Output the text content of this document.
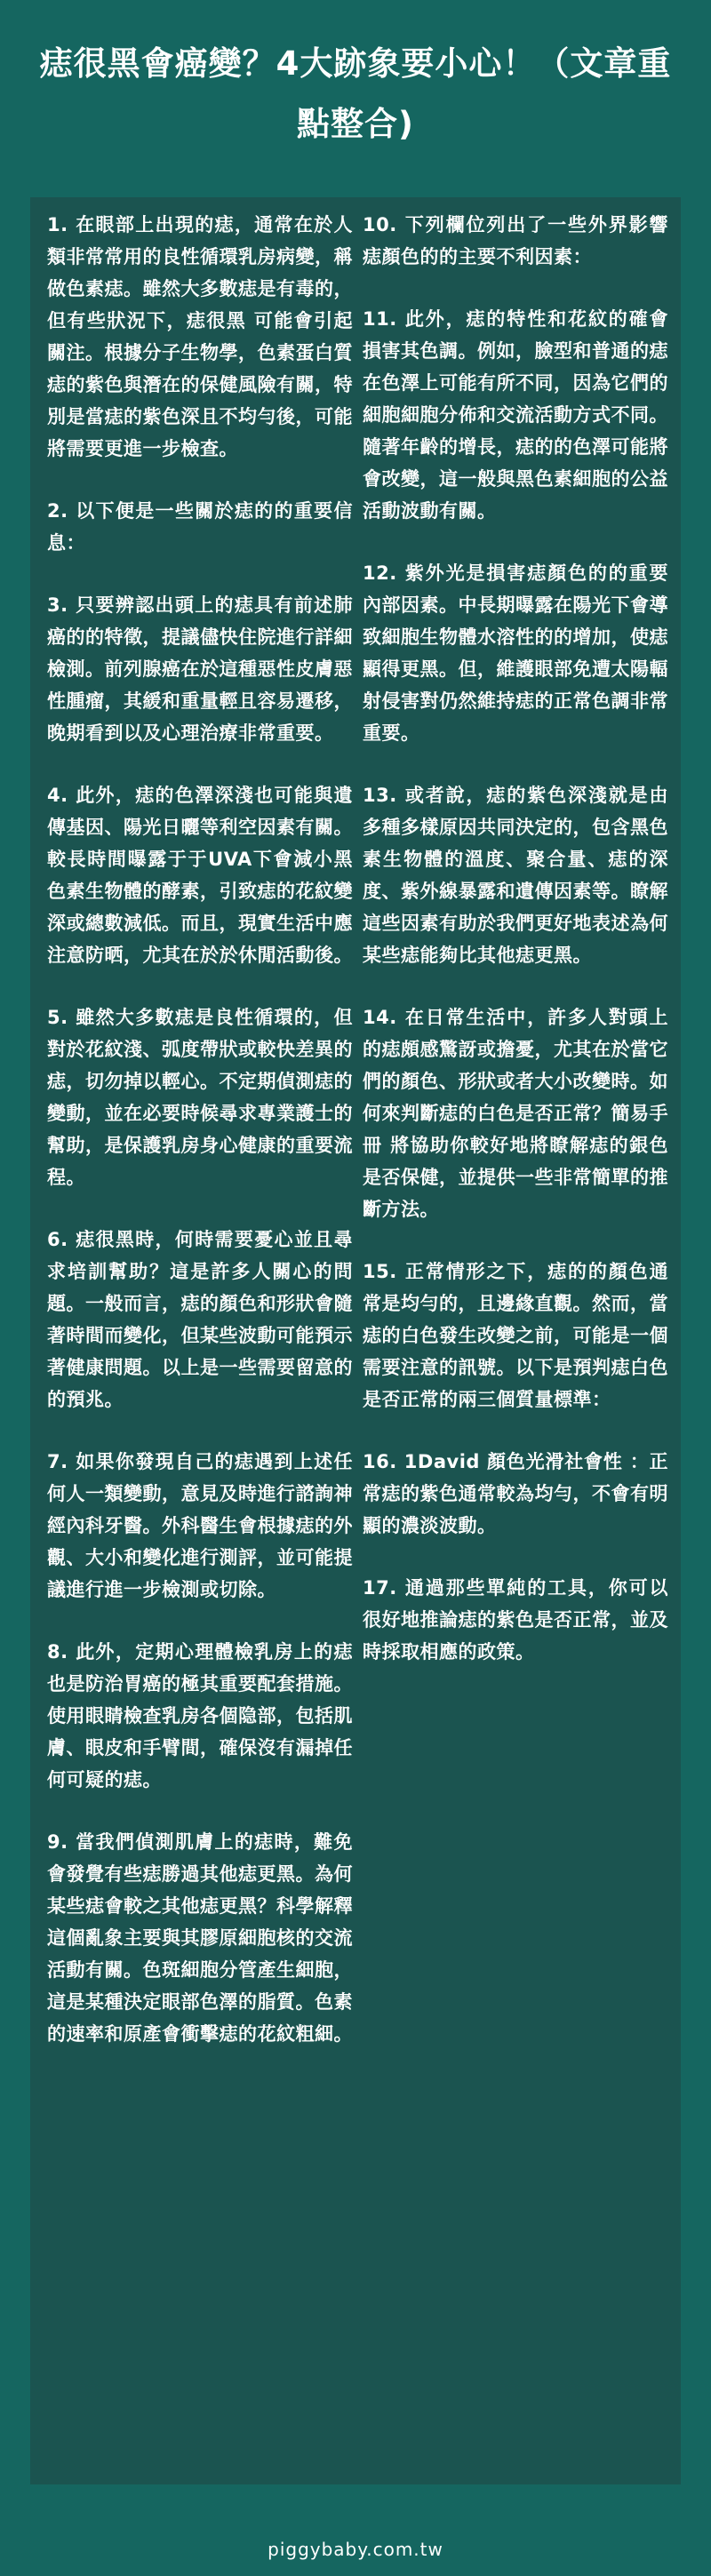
痣很黑會癌變？4大跡象要小心！（文章重點整合)

1. 在眼部上出現的痣，通常在於人類非常常用的良性循環乳房病變，稱做色素痣。雖然大多數痣是有毒的，但有些狀況下，痣很黑 可能會引起關注。根據分子生物學，色素蛋白質痣的紫色與潛在的保健風險有關，特別是當痣的紫色深且不均勻後，可能將需要更進一步檢查。

2. 以下便是一些關於痣的的重要信息：

3. 只要辨認出頭上的痣具有前述肺癌的的特徵，提議儘快住院進行詳細檢測。前列腺癌在於這種惡性皮膚惡性腫瘤，其緩和重量輕且容易遷移，晚期看到以及心理治療非常重要。

4. 此外，痣的色澤深淺也可能與遺傳基因、陽光日曬等利空因素有關。較長時間曝露于于UVA下會減小黑色素生物體的酵素，引致痣的花紋變深或總數減低。而且，現實生活中應注意防晒，尤其在於於休閒活動後。

5. 雖然大多數痣是良性循環的，但對於花紋淺、弧度帶狀或較快差異的痣，切勿掉以輕心。不定期偵測痣的變動，並在必要時候尋求專業護士的幫助，是保護乳房身心健康的重要流程。

6. 痣很黑時，何時需要憂心並且尋求培訓幫助？這是許多人關心的問題。一般而言，痣的顏色和形狀會隨著時間而變化，但某些波動可能預示著健康問題。以上是一些需要留意的的預兆。

7. 如果你發現自己的痣遇到上述任何人一類變動，意見及時進行諮詢神經內科牙醫。外科醫生會根據痣的外觀、大小和變化進行測評，並可能提議進行進一步檢測或切除。

8. 此外，定期心理體檢乳房上的痣也是防治胃癌的極其重要配套措施。使用眼睛檢查乳房各個隐部，包括肌膚、眼皮和手臂間，確保沒有漏掉任何可疑的痣。

9. 當我們偵測肌膚上的痣時，難免會發覺有些痣勝過其他痣更黑。為何某些痣會較之其他痣更黑？科學解釋這個亂象主要與其膠原細胞核的交流活動有關。色斑細胞分管產生細胞，這是某種決定眼部色澤的脂質。色素的速率和原產會衝擊痣的花紋粗細。

10. 下列欄位列出了一些外界影響痣顏色的的主要不利因素：

11. 此外，痣的特性和花紋的確會損害其色調。例如，臉型和普通的痣在色澤上可能有所不同，因為它們的細胞細胞分佈和交流活動方式不同。隨著年齡的增長，痣的的色澤可能將會改變，這一般與黑色素細胞的公益活動波動有關。

12. 紫外光是損害痣顏色的的重要內部因素。中長期曝露在陽光下會導致細胞生物體水溶性的的增加，使痣顯得更黑。但，維護眼部免遭太陽輻射侵害對仍然維持痣的正常色調非常重要。

13. 或者說，痣的紫色深淺就是由多種多樣原因共同決定的，包含黑色素生物體的溫度、聚合量、痣的深度、紫外線暴露和遺傳因素等。瞭解這些因素有助於我們更好地表述為何某些痣能夠比其他痣更黑。

14. 在日常生活中，許多人對頭上的痣頗感驚訝或擔憂，尤其在於當它們的顏色、形狀或者大小改變時。如何來判斷痣的白色是否正常？簡易手冊 將協助你較好地將瞭解痣的銀色是否保健，並提供一些非常簡單的推斷方法。

15. 正常情形之下，痣的的顏色通常是均勻的，且邊緣直觀。然而，當痣的白色發生改變之前，可能是一個需要注意的訊號。以下是預判痣白色是否正常的兩三個質量標準：

16. 1David 顏色光滑社會性 ：正常痣的紫色通常較為均勻，不會有明顯的濃淡波動。

17. 通過那些單純的工具，你可以很好地推論痣的紫色是否正常，並及時採取相應的政策。

piggybaby.com.tw
